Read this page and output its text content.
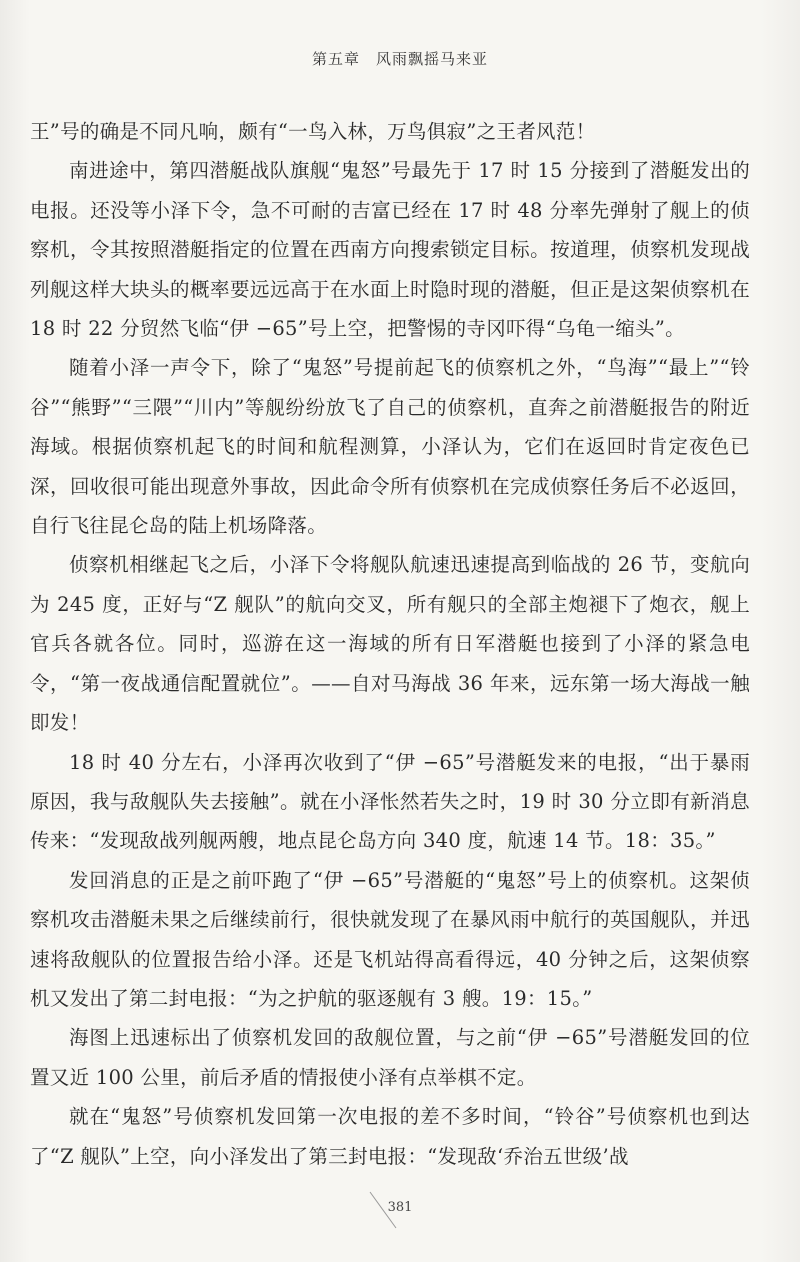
第五章　风雨飘摇马来亚

王”号的确是不同凡响，颇有“一鸟入林，万鸟俱寂”之王者风范！

南进途中，第四潜艇战队旗舰“鬼怒”号最先于 17 时 15 分接到了潜艇发出的电报。还没等小泽下令，急不可耐的吉富已经在 17 时 48 分率先弹射了舰上的侦察机，令其按照潜艇指定的位置在西南方向搜索锁定目标。按道理，侦察机发现战列舰这样大块头的概率要远远高于在水面上时隐时现的潜艇，但正是这架侦察机在 18 时 22 分贸然飞临“伊 −65”号上空，把警惕的寺冈吓得“乌龟一缩头”。

随着小泽一声令下，除了“鬼怒”号提前起飞的侦察机之外，“鸟海”“最上”“铃谷”“熊野”“三隈”“川内”等舰纷纷放飞了自己的侦察机，直奔之前潜艇报告的附近海域。根据侦察机起飞的时间和航程测算，小泽认为，它们在返回时肯定夜色已深，回收很可能出现意外事故，因此命令所有侦察机在完成侦察任务后不必返回，自行飞往昆仑岛的陆上机场降落。

侦察机相继起飞之后，小泽下令将舰队航速迅速提高到临战的 26 节，变航向为 245 度，正好与“Z 舰队”的航向交叉，所有舰只的全部主炮褪下了炮衣，舰上官兵各就各位。同时，巡游在这一海域的所有日军潜艇也接到了小泽的紧急电令，“第一夜战通信配置就位”。——自对马海战 36 年来，远东第一场大海战一触即发！

18 时 40 分左右，小泽再次收到了“伊 −65”号潜艇发来的电报，“出于暴雨原因，我与敌舰队失去接触”。就在小泽怅然若失之时，19 时 30 分立即有新消息传来：“发现敌战列舰两艘，地点昆仑岛方向 340 度，航速 14 节。18：35。”

发回消息的正是之前吓跑了“伊 −65”号潜艇的“鬼怒”号上的侦察机。这架侦察机攻击潜艇未果之后继续前行，很快就发现了在暴风雨中航行的英国舰队，并迅速将敌舰队的位置报告给小泽。还是飞机站得高看得远，40 分钟之后，这架侦察机又发出了第二封电报：“为之护航的驱逐舰有 3 艘。19：15。”

海图上迅速标出了侦察机发回的敌舰位置，与之前“伊 −65”号潜艇发回的位置又近 100 公里，前后矛盾的情报使小泽有点举棋不定。

就在“鬼怒”号侦察机发回第一次电报的差不多时间，“铃谷”号侦察机也到达了“Z 舰队”上空，向小泽发出了第三封电报：“发现敌‘乔治五世级’战

381
